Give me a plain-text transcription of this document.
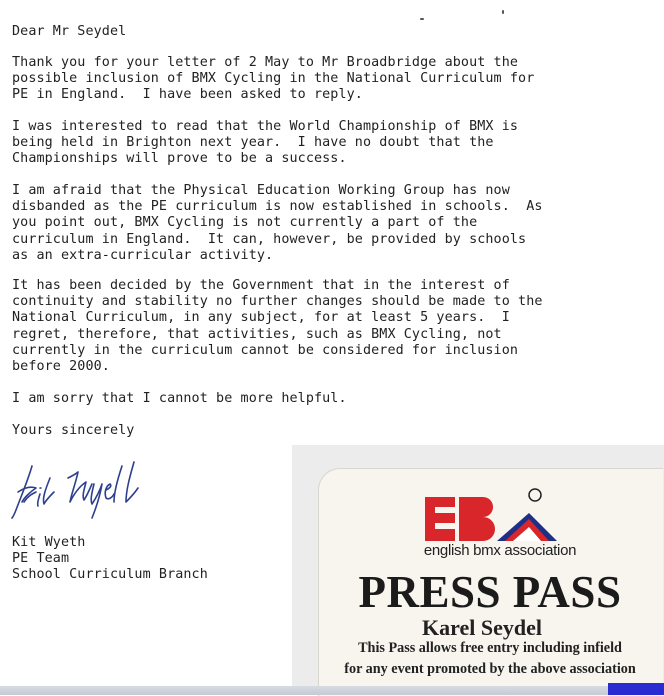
Dear Mr Seydel

Thank you for your letter of 2 May to Mr Broadbridge about the

possible inclusion of BMX Cycling in the National Curriculum for

PE in England.  I have been asked to reply.

I was interested to read that the World Championship of BMX is

being held in Brighton next year.  I have no doubt that the

Championships will prove to be a success.

I am afraid that the Physical Education Working Group has now

disbanded as the PE curriculum is now established in schools.  As

you point out, BMX Cycling is not currently a part of the

curriculum in England.  It can, however, be provided by schools

as an extra-curricular activity.

It has been decided by the Government that in the interest of

continuity and stability no further changes should be made to the

National Curriculum, in any subject, for at least 5 years.  I

regret, therefore, that activities, such as BMX Cycling, not

currently in the curriculum cannot be considered for inclusion

before 2000.

I am sorry that I cannot be more helpful.

Yours sincerely

Kit Wyeth
PE Team
School Curriculum Branch
english bmx association
PRESS PASS
Karel Seydel
This Pass allows free entry including infield
for any event promoted by the above association
